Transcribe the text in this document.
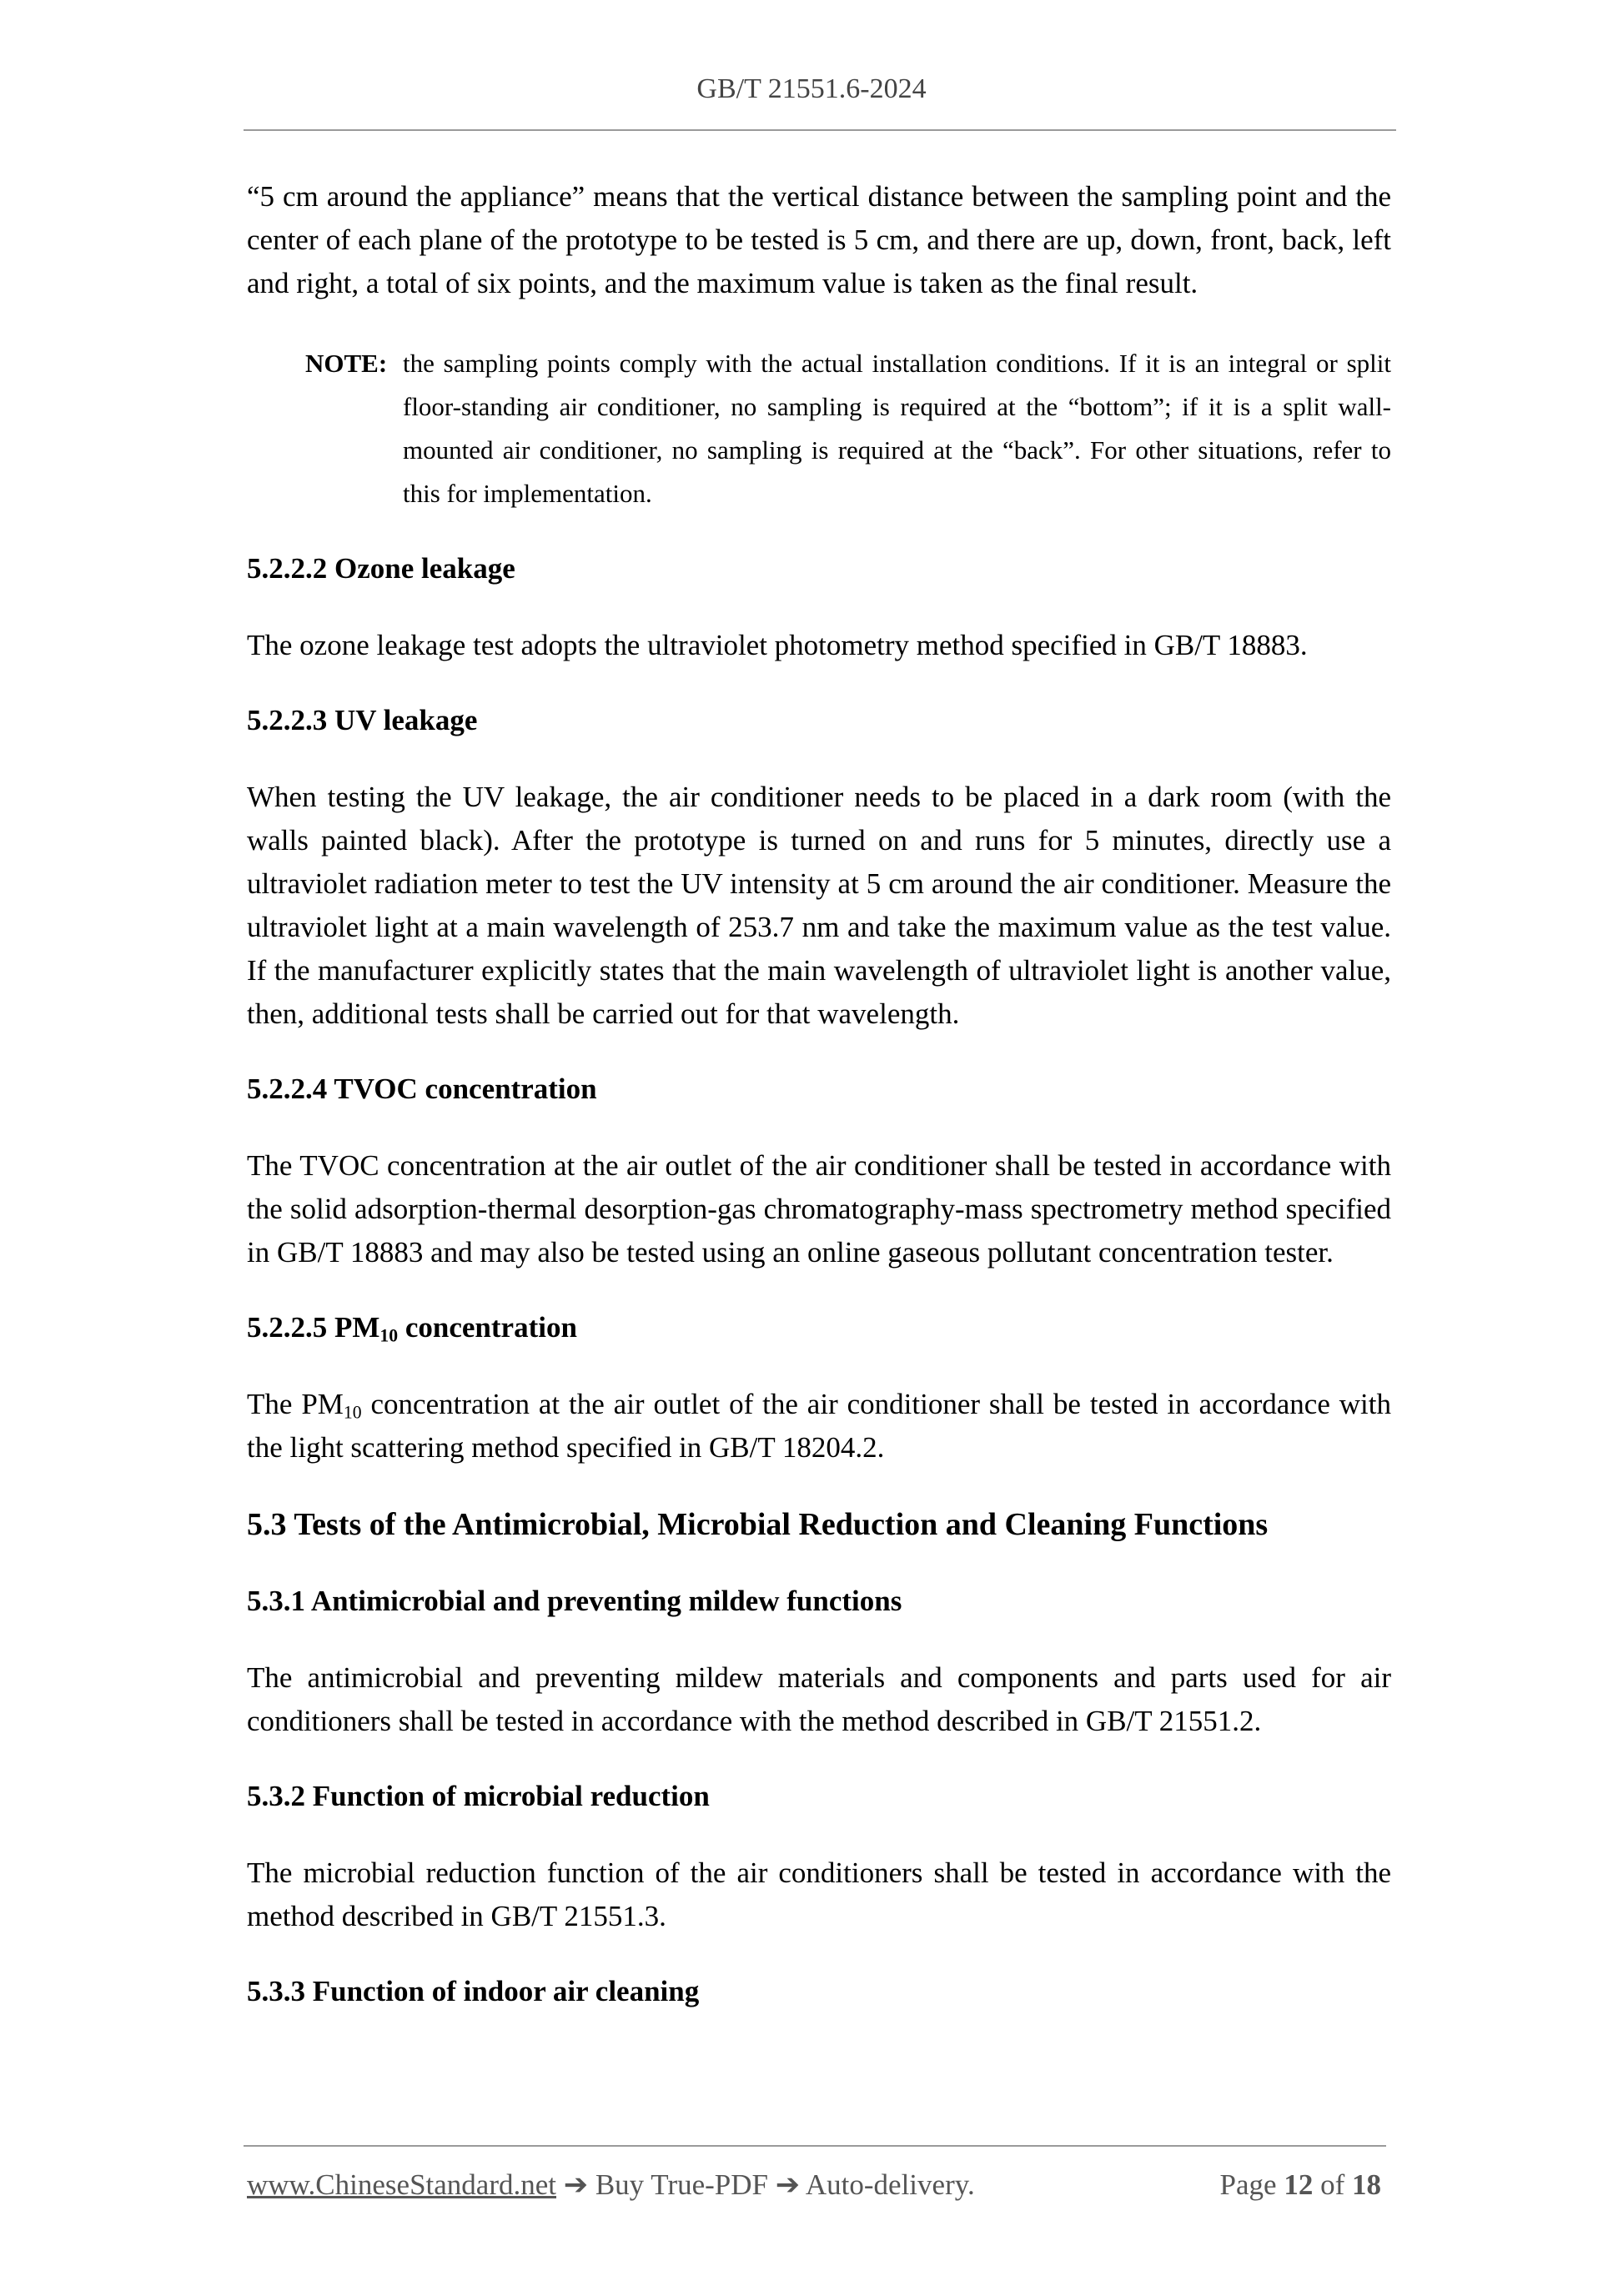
GB/T 21551.6-2024

“5 cm around the appliance” means that the vertical distance between the sampling point and the center of each plane of the prototype to be tested is 5 cm, and there are up, down, front, back, left and right, a total of six points, and the maximum value is taken as the final result.

NOTE: the sampling points comply with the actual installation conditions. If it is an integral or split floor-standing air conditioner, no sampling is required at the “bottom”; if it is a split wall-mounted air conditioner, no sampling is required at the “back”. For other situations, refer to this for implementation.
5.2.2.2 Ozone leakage

The ozone leakage test adopts the ultraviolet photometry method specified in GB/T 18883.

5.2.2.3 UV leakage

When testing the UV leakage, the air conditioner needs to be placed in a dark room (with the walls painted black). After the prototype is turned on and runs for 5 minutes, directly use a ultraviolet radiation meter to test the UV intensity at 5 cm around the air conditioner. Measure the ultraviolet light at a main wavelength of 253.7 nm and take the maximum value as the test value. If the manufacturer explicitly states that the main wavelength of ultraviolet light is another value, then, additional tests shall be carried out for that wavelength.

5.2.2.4 TVOC concentration

The TVOC concentration at the air outlet of the air conditioner shall be tested in accordance with the solid adsorption-thermal desorption-gas chromatography-mass spectrometry method specified in GB/T 18883 and may also be tested using an online gaseous pollutant concentration tester.

5.2.2.5 $PM_{10}$ concentration

The $PM_{10}$ concentration at the air outlet of the air conditioner shall be tested in accordance with the light scattering method specified in GB/T 18204.2.

5.3 Tests of the Antimicrobial, Microbial Reduction and Cleaning Functions
5.3.1 Antimicrobial and preventing mildew functions

The antimicrobial and preventing mildew materials and components and parts used for air conditioners shall be tested in accordance with the method described in GB/T 21551.2.

5.3.2 Function of microbial reduction

The microbial reduction function of the air conditioners shall be tested in accordance with the method described in GB/T 21551.3.

5.3.3 Function of indoor air cleaning
www.ChineseStandard.net ➔ Buy True-PDF ➔ Auto-delivery.	Page 12 of 18
